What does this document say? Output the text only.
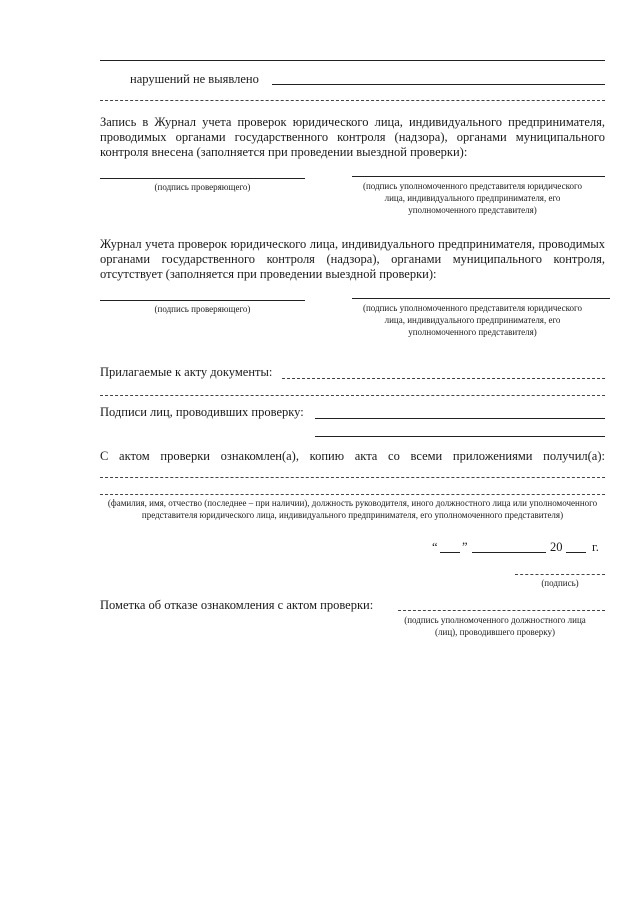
нарушений не выявлено
Запись в Журнал учета проверок юридического лица, индивидуального предпринимателя, проводимых органами государственного контроля (надзора), органами муниципального контроля внесена (заполняется при проведении выездной проверки):
(подпись проверяющего)	(подпись уполномоченного представителя юридического лица, индивидуального предпринимателя, его уполномоченного представителя)
Журнал учета проверок юридического лица, индивидуального предпринимателя, проводимых органами государственного контроля (надзора), органами муниципального контроля, отсутствует (заполняется при проведении выездной проверки):
(подпись проверяющего)	(подпись уполномоченного представителя юридического лица, индивидуального предпринимателя, его уполномоченного представителя)
Прилагаемые к акту документы:
Подписи лиц, проводивших проверку:
С актом проверки ознакомлен(а), копию акта со всеми приложениями получил(а):
(фамилия, имя, отчество (последнее – при наличии), должность руководителя, иного должностного лица или уполномоченного представителя юридического лица, индивидуального предпринимателя, его уполномоченного представителя)
“ ”	20 г.
(подпись)
Пометка об отказе ознакомления с актом проверки:
(подпись уполномоченного должностного лица (лиц), проводившего проверку)
